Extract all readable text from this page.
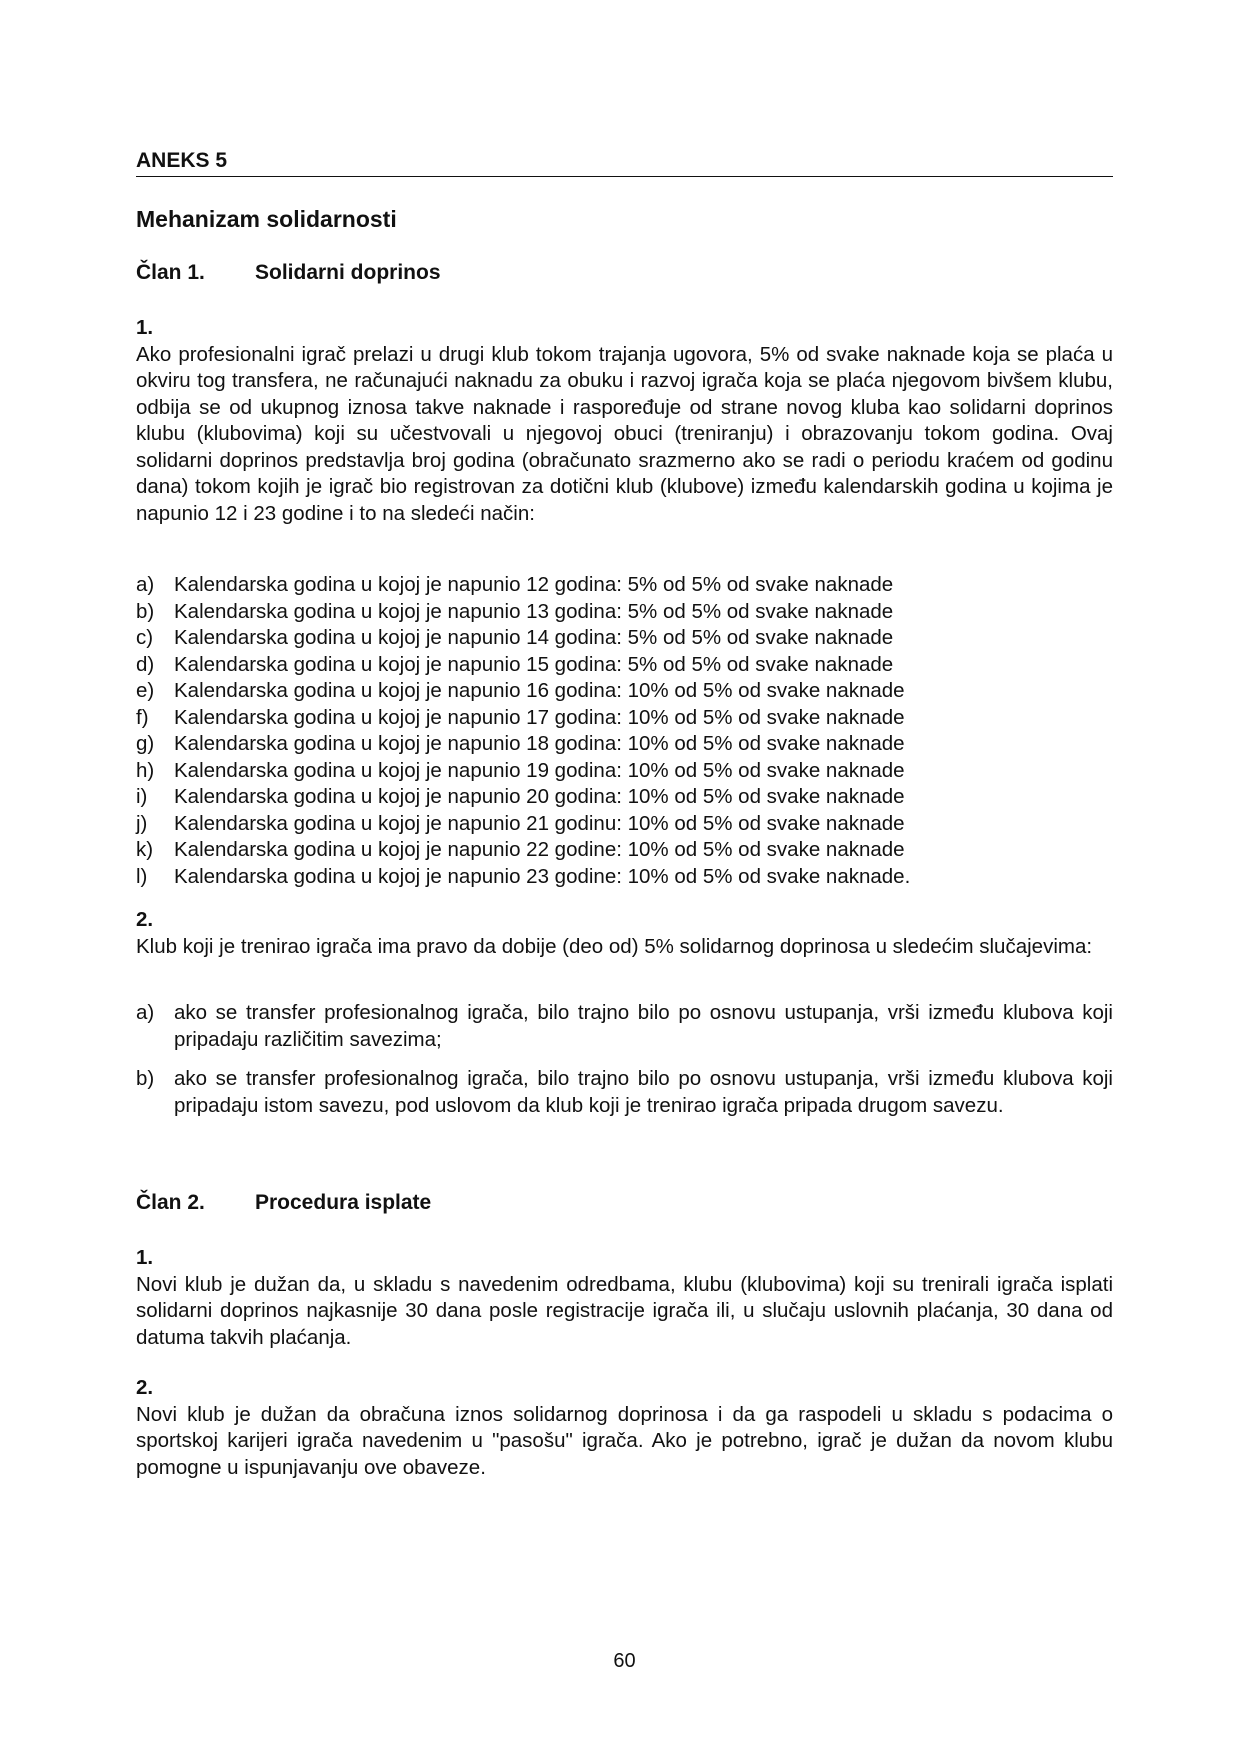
ANEKS 5
Mehanizam solidarnosti
Član 1. Solidarni doprinos
1.
Ako profesionalni igrač prelazi u drugi klub tokom trajanja ugovora, 5% od svake naknade koja se plaća u okviru tog transfera, ne računajući naknadu za obuku i razvoj igrača koja se plaća njegovom bivšem klubu, odbija se od ukupnog iznosa takve naknade i raspoređuje od strane novog kluba kao solidarni doprinos klubu (klubovima) koji su učestvovali u njegovoj obuci (treniranju) i obrazovanju tokom godina. Ovaj solidarni doprinos predstavlja broj godina (obračunato srazmerno ako se radi o periodu kraćem od godinu dana) tokom kojih je igrač bio registrovan za dotični klub (klubove) između kalendarskih godina u kojima je napunio 12 i 23 godine i to na sledeći način:
a) Kalendarska godina u kojoj je napunio 12 godina: 5% od 5% od svake naknade
b) Kalendarska godina u kojoj je napunio 13 godina: 5% od 5% od svake naknade
c)	Kalendarska godina u kojoj je napunio 14 godina: 5% od 5% od svake naknade
d) Kalendarska godina u kojoj je napunio 15 godina: 5% od 5% od svake naknade
e) Kalendarska godina u kojoj je napunio 16 godina: 10% od 5% od svake naknade
f)	Kalendarska godina u kojoj je napunio 17 godina: 10% od 5% od svake naknade
g) Kalendarska godina u kojoj je napunio 18 godina: 10% od 5% od svake naknade
h) Kalendarska godina u kojoj je napunio 19 godina: 10% od 5% od svake naknade
i)	Kalendarska godina u kojoj je napunio 20 godina: 10% od 5% od svake naknade
j)	Kalendarska godina u kojoj je napunio 21 godinu: 10% od 5% od svake naknade
k)	Kalendarska godina u kojoj je napunio 22 godine: 10% od 5% od svake naknade
l)	Kalendarska godina u kojoj je napunio 23 godine: 10% od 5% od svake naknade.
2.
Klub koji je trenirao igrača ima pravo da dobije (deo od) 5% solidarnog doprinosa u sledećim slučajevima:
a) ako se transfer profesionalnog igrača, bilo trajno bilo po osnovu ustupanja, vrši između klubova koji pripadaju različitim savezima;
b) ako se transfer profesionalnog igrača, bilo trajno bilo po osnovu ustupanja, vrši između klubova koji pripadaju istom savezu, pod uslovom da klub koji je trenirao igrača pripada drugom savezu.
Član 2. Procedura isplate
1.
Novi klub je dužan da, u skladu s navedenim odredbama, klubu (klubovima) koji su trenirali igrača isplati solidarni doprinos najkasnije 30 dana posle registracije igrača ili, u slučaju uslovnih plaćanja, 30 dana od datuma takvih plaćanja.
2.
Novi klub je dužan da obračuna iznos solidarnog doprinosa i da ga raspodeli u skladu s podacima o sportskoj karijeri igrača navedenim u "pasošu" igrača. Ako je potrebno, igrač je dužan da novom klubu pomogne u ispunjavanju ove obaveze.
60
